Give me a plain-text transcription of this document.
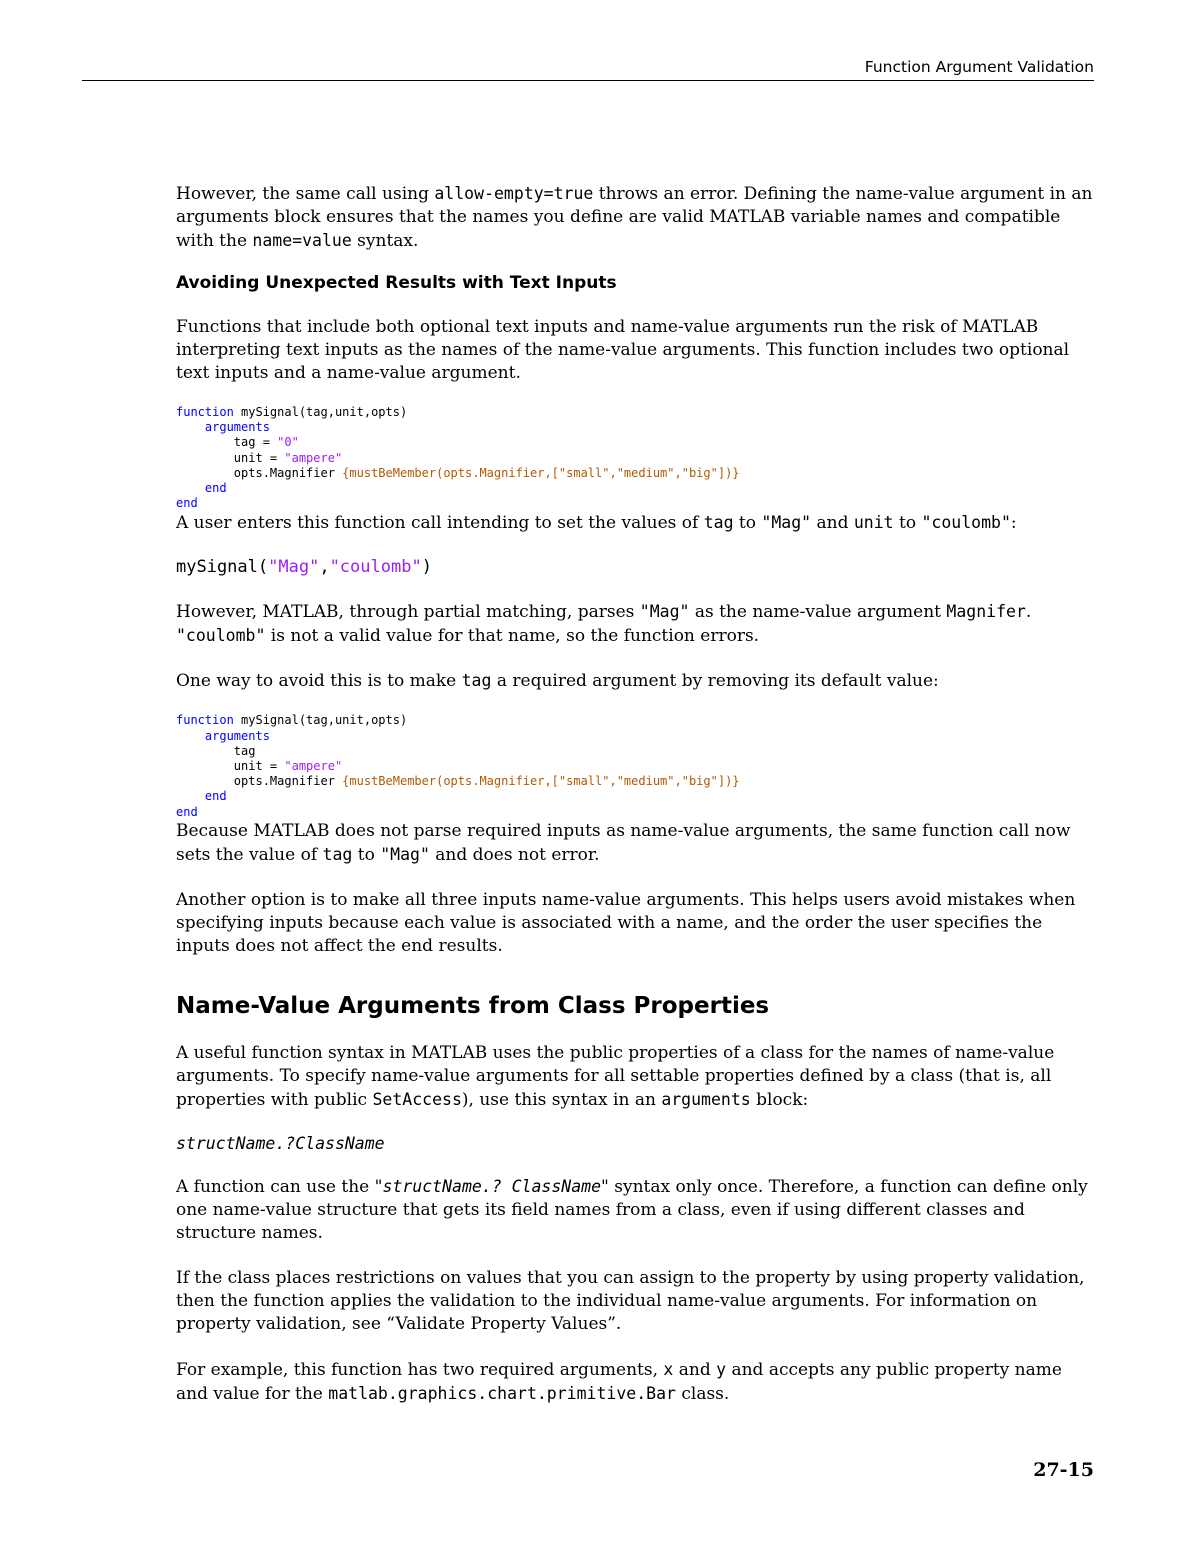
Function Argument Validation

However, the same call using allow-empty=true throws an error. Defining the name-value argument in an arguments block ensures that the names you define are valid MATLAB variable names and compatible with the name=value syntax.

Avoiding Unexpected Results with Text Inputs

Functions that include both optional text inputs and name-value arguments run the risk of MATLAB interpreting text inputs as the names of the name-value arguments. This function includes two optional text inputs and a name-value argument.

function mySignal(tag,unit,opts)
arguments
tag = "0"
unit = "ampere"
opts.Magnifier {mustBeMember(opts.Magnifier,["small","medium","big"])}
end
end

A user enters this function call intending to set the values of tag to "Mag" and unit to "coulomb":

mySignal("Mag","coulomb")

However, MATLAB, through partial matching, parses "Mag" as the name-value argument Magnifer. "coulomb" is not a valid value for that name, so the function errors.

One way to avoid this is to make tag a required argument by removing its default value:

function mySignal(tag,unit,opts)
arguments
tag
unit = "ampere"
opts.Magnifier {mustBeMember(opts.Magnifier,["small","medium","big"])}
end
end

Because MATLAB does not parse required inputs as name-value arguments, the same function call now sets the value of tag to "Mag" and does not error.

Another option is to make all three inputs name-value arguments. This helps users avoid mistakes when specifying inputs because each value is associated with a name, and the order the user specifies the inputs does not affect the end results.

Name-Value Arguments from Class Properties

A useful function syntax in MATLAB uses the public properties of a class for the names of name-value arguments. To specify name-value arguments for all settable properties defined by a class (that is, all properties with public SetAccess), use this syntax in an arguments block:

structName.?ClassName

A function can use the "structName.? ClassName" syntax only once. Therefore, a function can define only one name-value structure that gets its field names from a class, even if using different classes and structure names.

If the class places restrictions on values that you can assign to the property by using property validation, then the function applies the validation to the individual name-value arguments. For information on property validation, see “Validate Property Values”.

For example, this function has two required arguments, x and y and accepts any public property name and value for the matlab.graphics.chart.primitive.Bar class.

27-15
